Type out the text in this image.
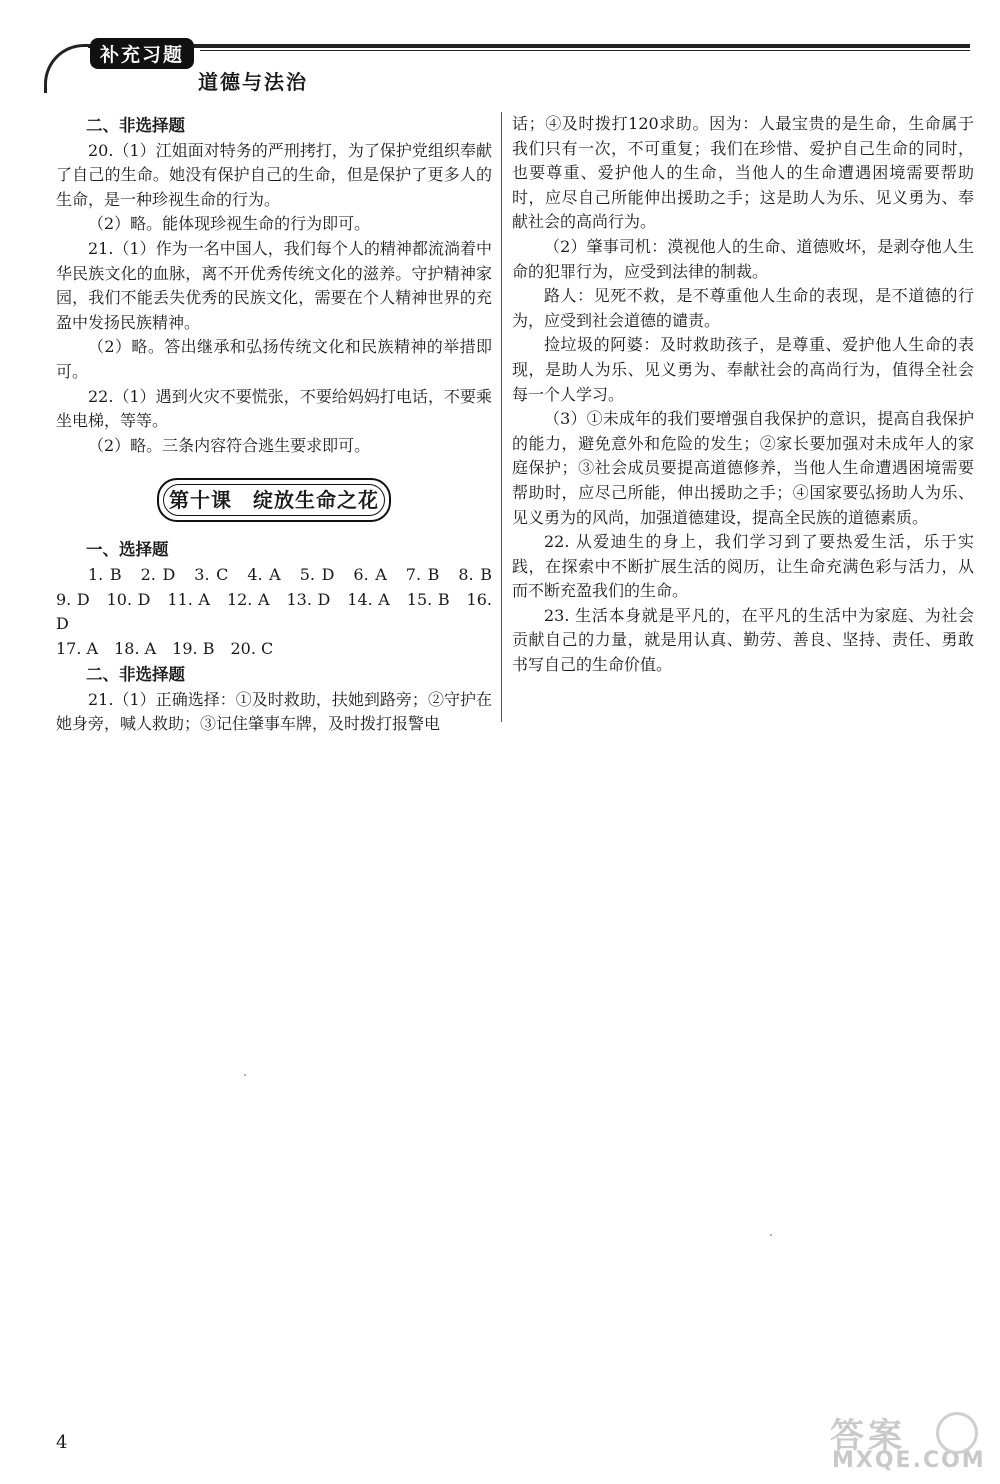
补充习题
道德与法治
二、非选择题

20.（1）江姐面对特务的严刑拷打，为了保护党组织奉献了自己的生命。她没有保护自己的生命，但是保护了更多人的生命，是一种珍视生命的行为。

（2）略。能体现珍视生命的行为即可。

21.（1）作为一名中国人，我们每个人的精神都流淌着中华民族文化的血脉，离不开优秀传统文化的滋养。守护精神家园，我们不能丢失优秀的民族文化，需要在个人精神世界的充盈中发扬民族精神。

（2）略。答出继承和弘扬传统文化和民族精神的举措即可。

22.（1）遇到火灾不要慌张，不要给妈妈打电话，不要乘坐电梯，等等。

（2）略。三条内容符合逃生要求即可。

第十课　绽放生命之花
一、选择题

1. B　2. D　3. C　4. A　5. D　6. A　7. B　8. B

9. D　10. D　11. A　12. A　13. D　14. A　15. B　16. D

17. A　18. A　19. B　20. C

二、非选择题

21.（1）正确选择：①及时救助，扶她到路旁；②守护在她身旁，喊人救助；③记住肇事车牌，及时拨打报警电

话；④及时拨打120求助。因为：人最宝贵的是生命，生命属于我们只有一次，不可重复；我们在珍惜、爱护自己生命的同时，也要尊重、爱护他人的生命，当他人的生命遭遇困境需要帮助时，应尽自己所能伸出援助之手；这是助人为乐、见义勇为、奉献社会的高尚行为。

（2）肇事司机：漠视他人的生命、道德败坏，是剥夺他人生命的犯罪行为，应受到法律的制裁。

路人：见死不救，是不尊重他人生命的表现，是不道德的行为，应受到社会道德的谴责。

捡垃圾的阿婆：及时救助孩子，是尊重、爱护他人生命的表现，是助人为乐、见义勇为、奉献社会的高尚行为，值得全社会每一个人学习。

（3）①未成年的我们要增强自我保护的意识，提高自我保护的能力，避免意外和危险的发生；②家长要加强对未成年人的家庭保护；③社会成员要提高道德修养，当他人生命遭遇困境需要帮助时，应尽己所能，伸出援助之手；④国家要弘扬助人为乐、见义勇为的风尚，加强道德建设，提高全民族的道德素质。

22. 从爱迪生的身上，我们学习到了要热爱生活，乐于实践，在探索中不断扩展生活的阅历，让生命充满色彩与活力，从而不断充盈我们的生命。

23. 生活本身就是平凡的，在平凡的生活中为家庭、为社会贡献自己的力量，就是用认真、勤劳、善良、坚持、责任、勇敢书写自己的生命价值。

4	答案
MXQE.COM
